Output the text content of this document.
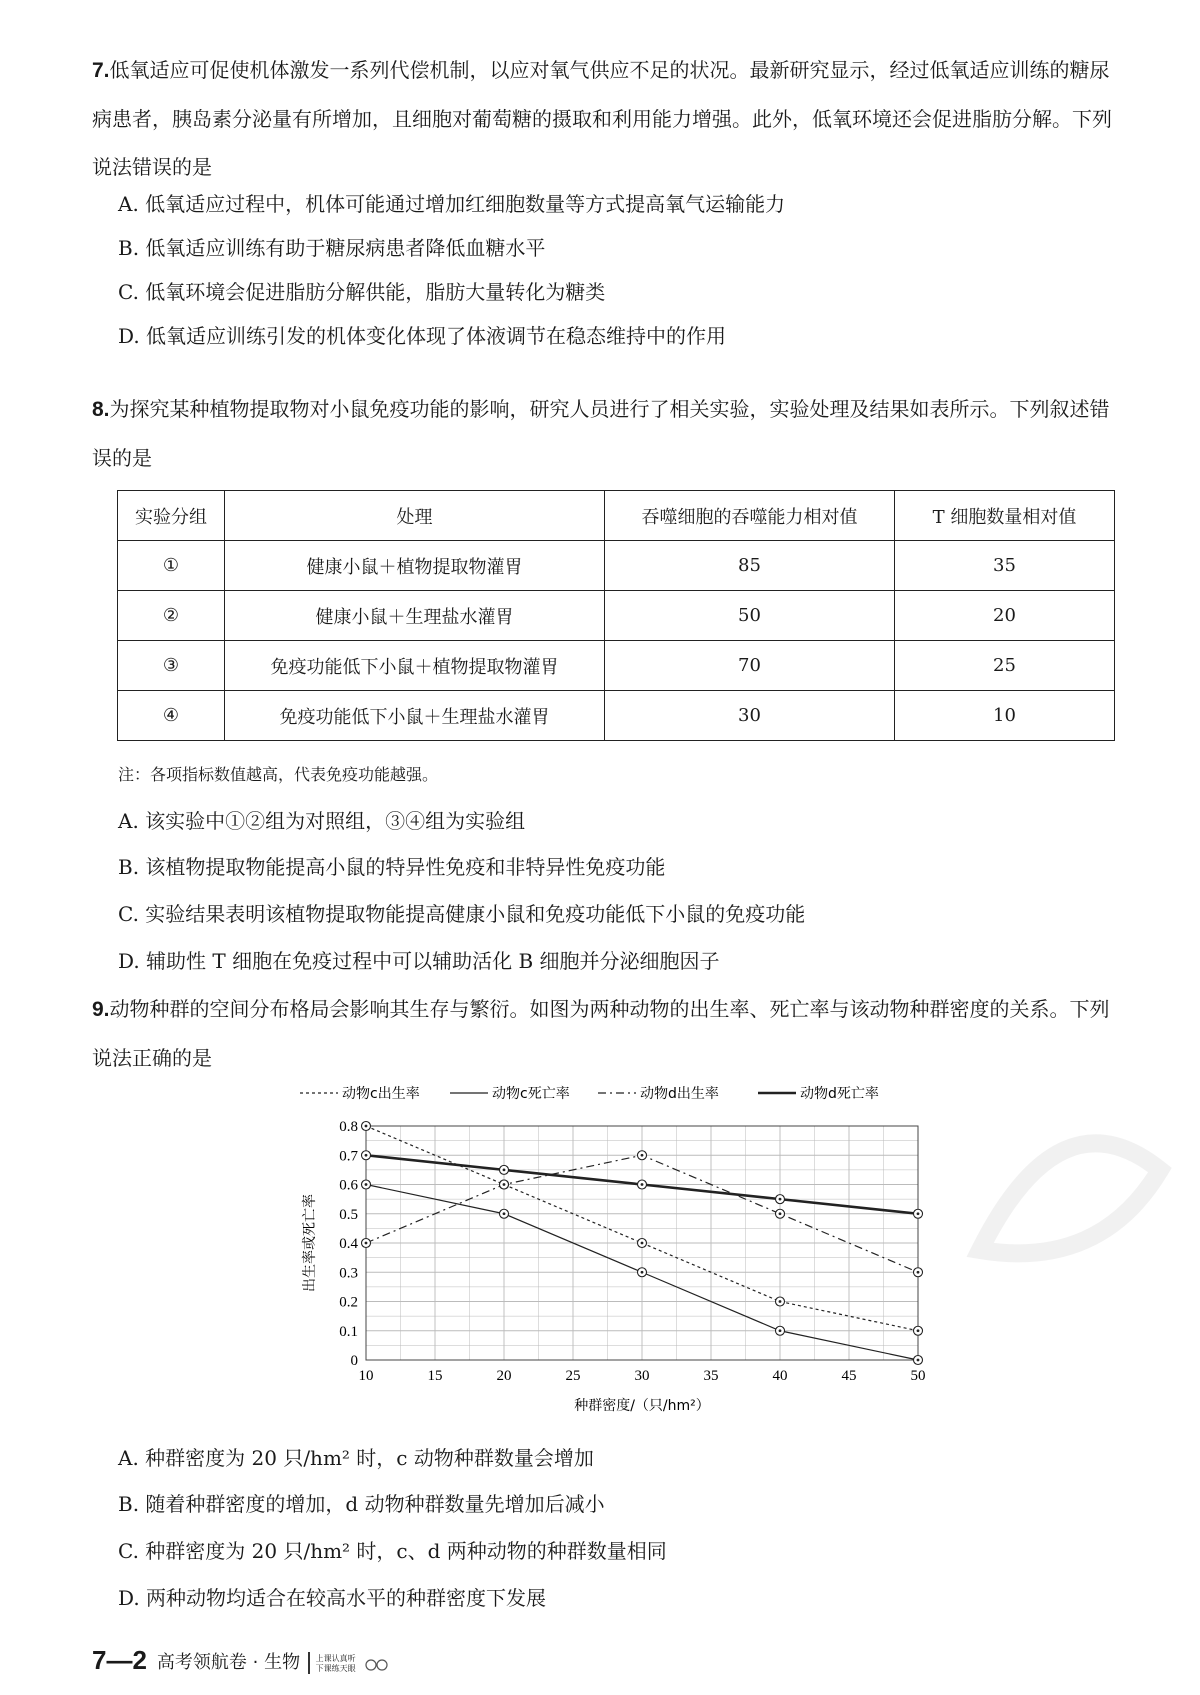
7.低氧适应可促使机体激发一系列代偿机制，以应对氧气供应不足的状况。最新研究显示，经过低氧适应训练的糖尿病患者，胰岛素分泌量有所增加，且细胞对葡萄糖的摄取和利用能力增强。此外，低氧环境还会促进脂肪分解。下列说法错误的是
A. 低氧适应过程中，机体可能通过增加红细胞数量等方式提高氧气运输能力
B. 低氧适应训练有助于糖尿病患者降低血糖水平
C. 低氧环境会促进脂肪分解供能，脂肪大量转化为糖类
D. 低氧适应训练引发的机体变化体现了体液调节在稳态维持中的作用
8.为探究某种植物提取物对小鼠免疫功能的影响，研究人员进行了相关实验，实验处理及结果如表所示。下列叙述错误的是
实验分组	处理	吞噬细胞的吞噬能力相对值	T 细胞数量相对值
①	健康小鼠＋植物提取物灌胃	85	35
②	健康小鼠＋生理盐水灌胃	50	20
③	免疫功能低下小鼠＋植物提取物灌胃	70	25
④	免疫功能低下小鼠＋生理盐水灌胃	30	10
注：各项指标数值越高，代表免疫功能越强。
A. 该实验中①②组为对照组，③④组为实验组
B. 该植物提取物能提高小鼠的特异性免疫和非特异性免疫功能
C. 实验结果表明该植物提取物能提高健康小鼠和免疫功能低下小鼠的免疫功能
D. 辅助性 T 细胞在免疫过程中可以辅助活化 B 细胞并分泌细胞因子
9.动物种群的空间分布格局会影响其生存与繁衍。如图为两种动物的出生率、死亡率与该动物种群密度的关系。下列说法正确的是
10	15	20	25	30	35	40	45	50
0
0.1
0.2
0.3
0.4
0.5
0.6
0.7
0.8
种群密度/（只/hm²）
出生率或死亡率
动物c出生率	动物c死亡率	动物d出生率	动物d死亡率
A. 种群密度为 20 只/hm² 时，c 动物种群数量会增加
B. 随着种群密度的增加，d 动物种群数量先增加后减小
C. 种群密度为 20 只/hm² 时，c、d 两种动物的种群数量相同
D. 两种动物均适合在较高水平的种群密度下发展
7—2 高考领航卷 · 生物 上课认真听
下课练天眼
